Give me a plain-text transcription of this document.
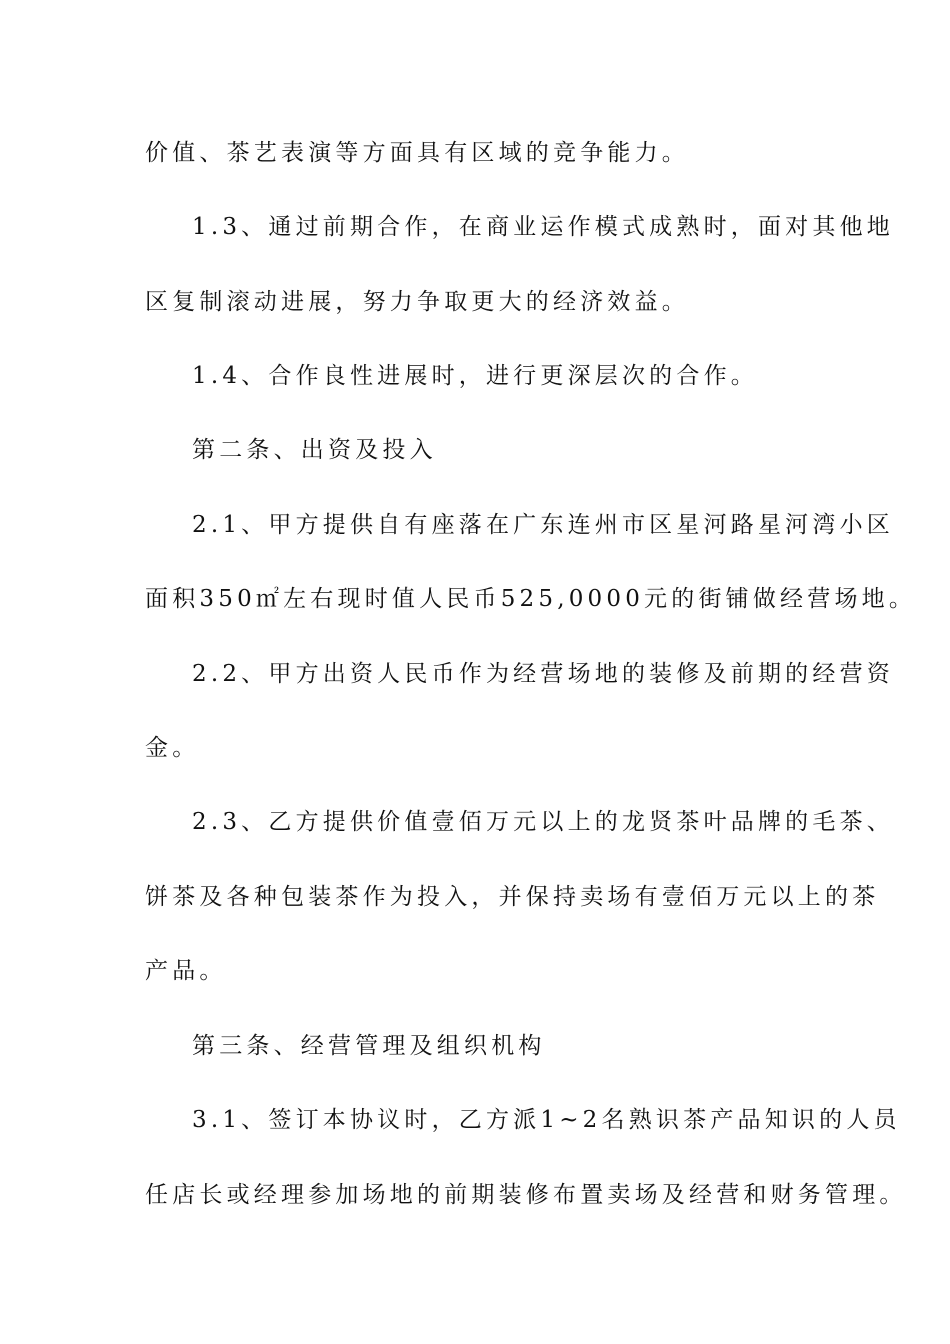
价值、茶艺表演等方面具有区域的竞争能力。
1.3、通过前期合作，在商业运作模式成熟时，面对其他地
区复制滚动进展，努力争取更大的经济效益。
1.4、合作良性进展时，进行更深层次的合作。
第二条、出资及投入
2.1、甲方提供自有座落在广东连州市区星河路星河湾小区
面积350㎡左右现时值人民币525,0000元的街铺做经营场地。
2.2、甲方出资人民币作为经营场地的装修及前期的经营资
金。
2.3、乙方提供价值壹佰万元以上的龙贤茶叶品牌的毛茶、
饼茶及各种包装茶作为投入，并保持卖场有壹佰万元以上的茶
产品。
第三条、经营管理及组织机构
3.1、签订本协议时，乙方派1~2名熟识茶产品知识的人员
任店长或经理参加场地的前期装修布置卖场及经营和财务管理。
